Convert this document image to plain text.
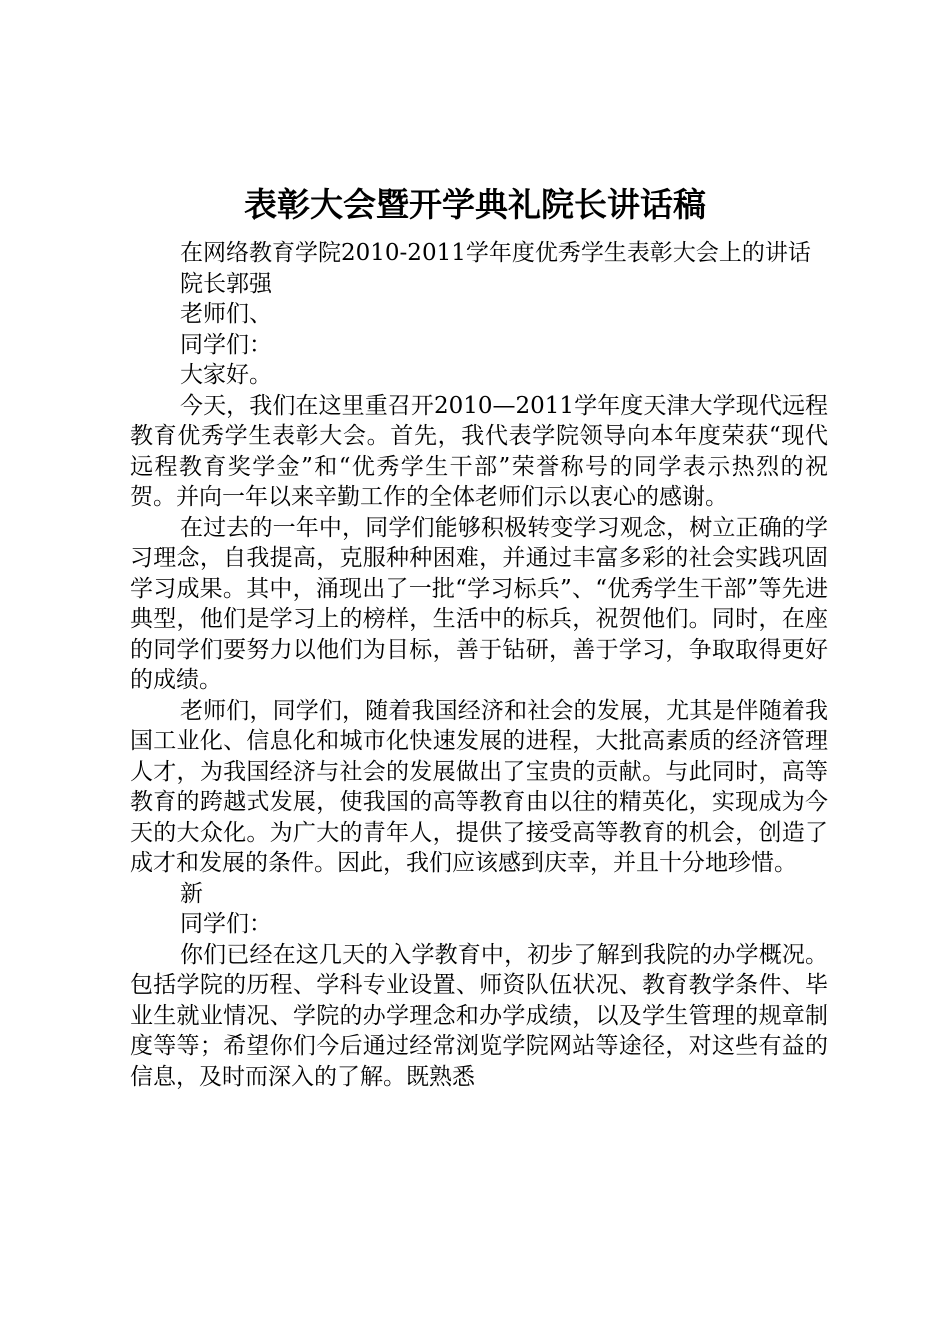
表彰大会暨开学典礼院长讲话稿

在网络教育学院2010-2011学年度优秀学生表彰大会上的讲话

院长郭强

老师们、

同学们：

大家好。

今天，我们在这里重召开2010—2011学年度天津大学现代远程教育优秀学生表彰大会。首先，我代表学院领导向本年度荣获“现代远程教育奖学金”和“优秀学生干部”荣誉称号的同学表示热烈的祝贺。并向一年以来辛勤工作的全体老师们示以衷心的感谢。

在过去的一年中，同学们能够积极转变学习观念，树立正确的学习理念，自我提高，克服种种困难，并通过丰富多彩的社会实践巩固学习成果。其中，涌现出了一批“学习标兵”、“优秀学生干部”等先进典型，他们是学习上的榜样，生活中的标兵，祝贺他们。同时，在座的同学们要努力以他们为目标，善于钻研，善于学习，争取取得更好的成绩。

老师们，同学们，随着我国经济和社会的发展，尤其是伴随着我国工业化、信息化和城市化快速发展的进程，大批高素质的经济管理人才，为我国经济与社会的发展做出了宝贵的贡献。与此同时，高等教育的跨越式发展，使我国的高等教育由以往的精英化，实现成为今天的大众化。为广大的青年人，提供了接受高等教育的机会，创造了成才和发展的条件。因此，我们应该感到庆幸，并且十分地珍惜。

新

同学们：

你们已经在这几天的入学教育中，初步了解到我院的办学概况。包括学院的历程、学科专业设置、师资队伍状况、教育教学条件、毕业生就业情况、学院的办学理念和办学成绩，以及学生管理的规章制度等等；希望你们今后通过经常浏览学院网站等途径，对这些有益的信息，及时而深入的了解。既熟悉
